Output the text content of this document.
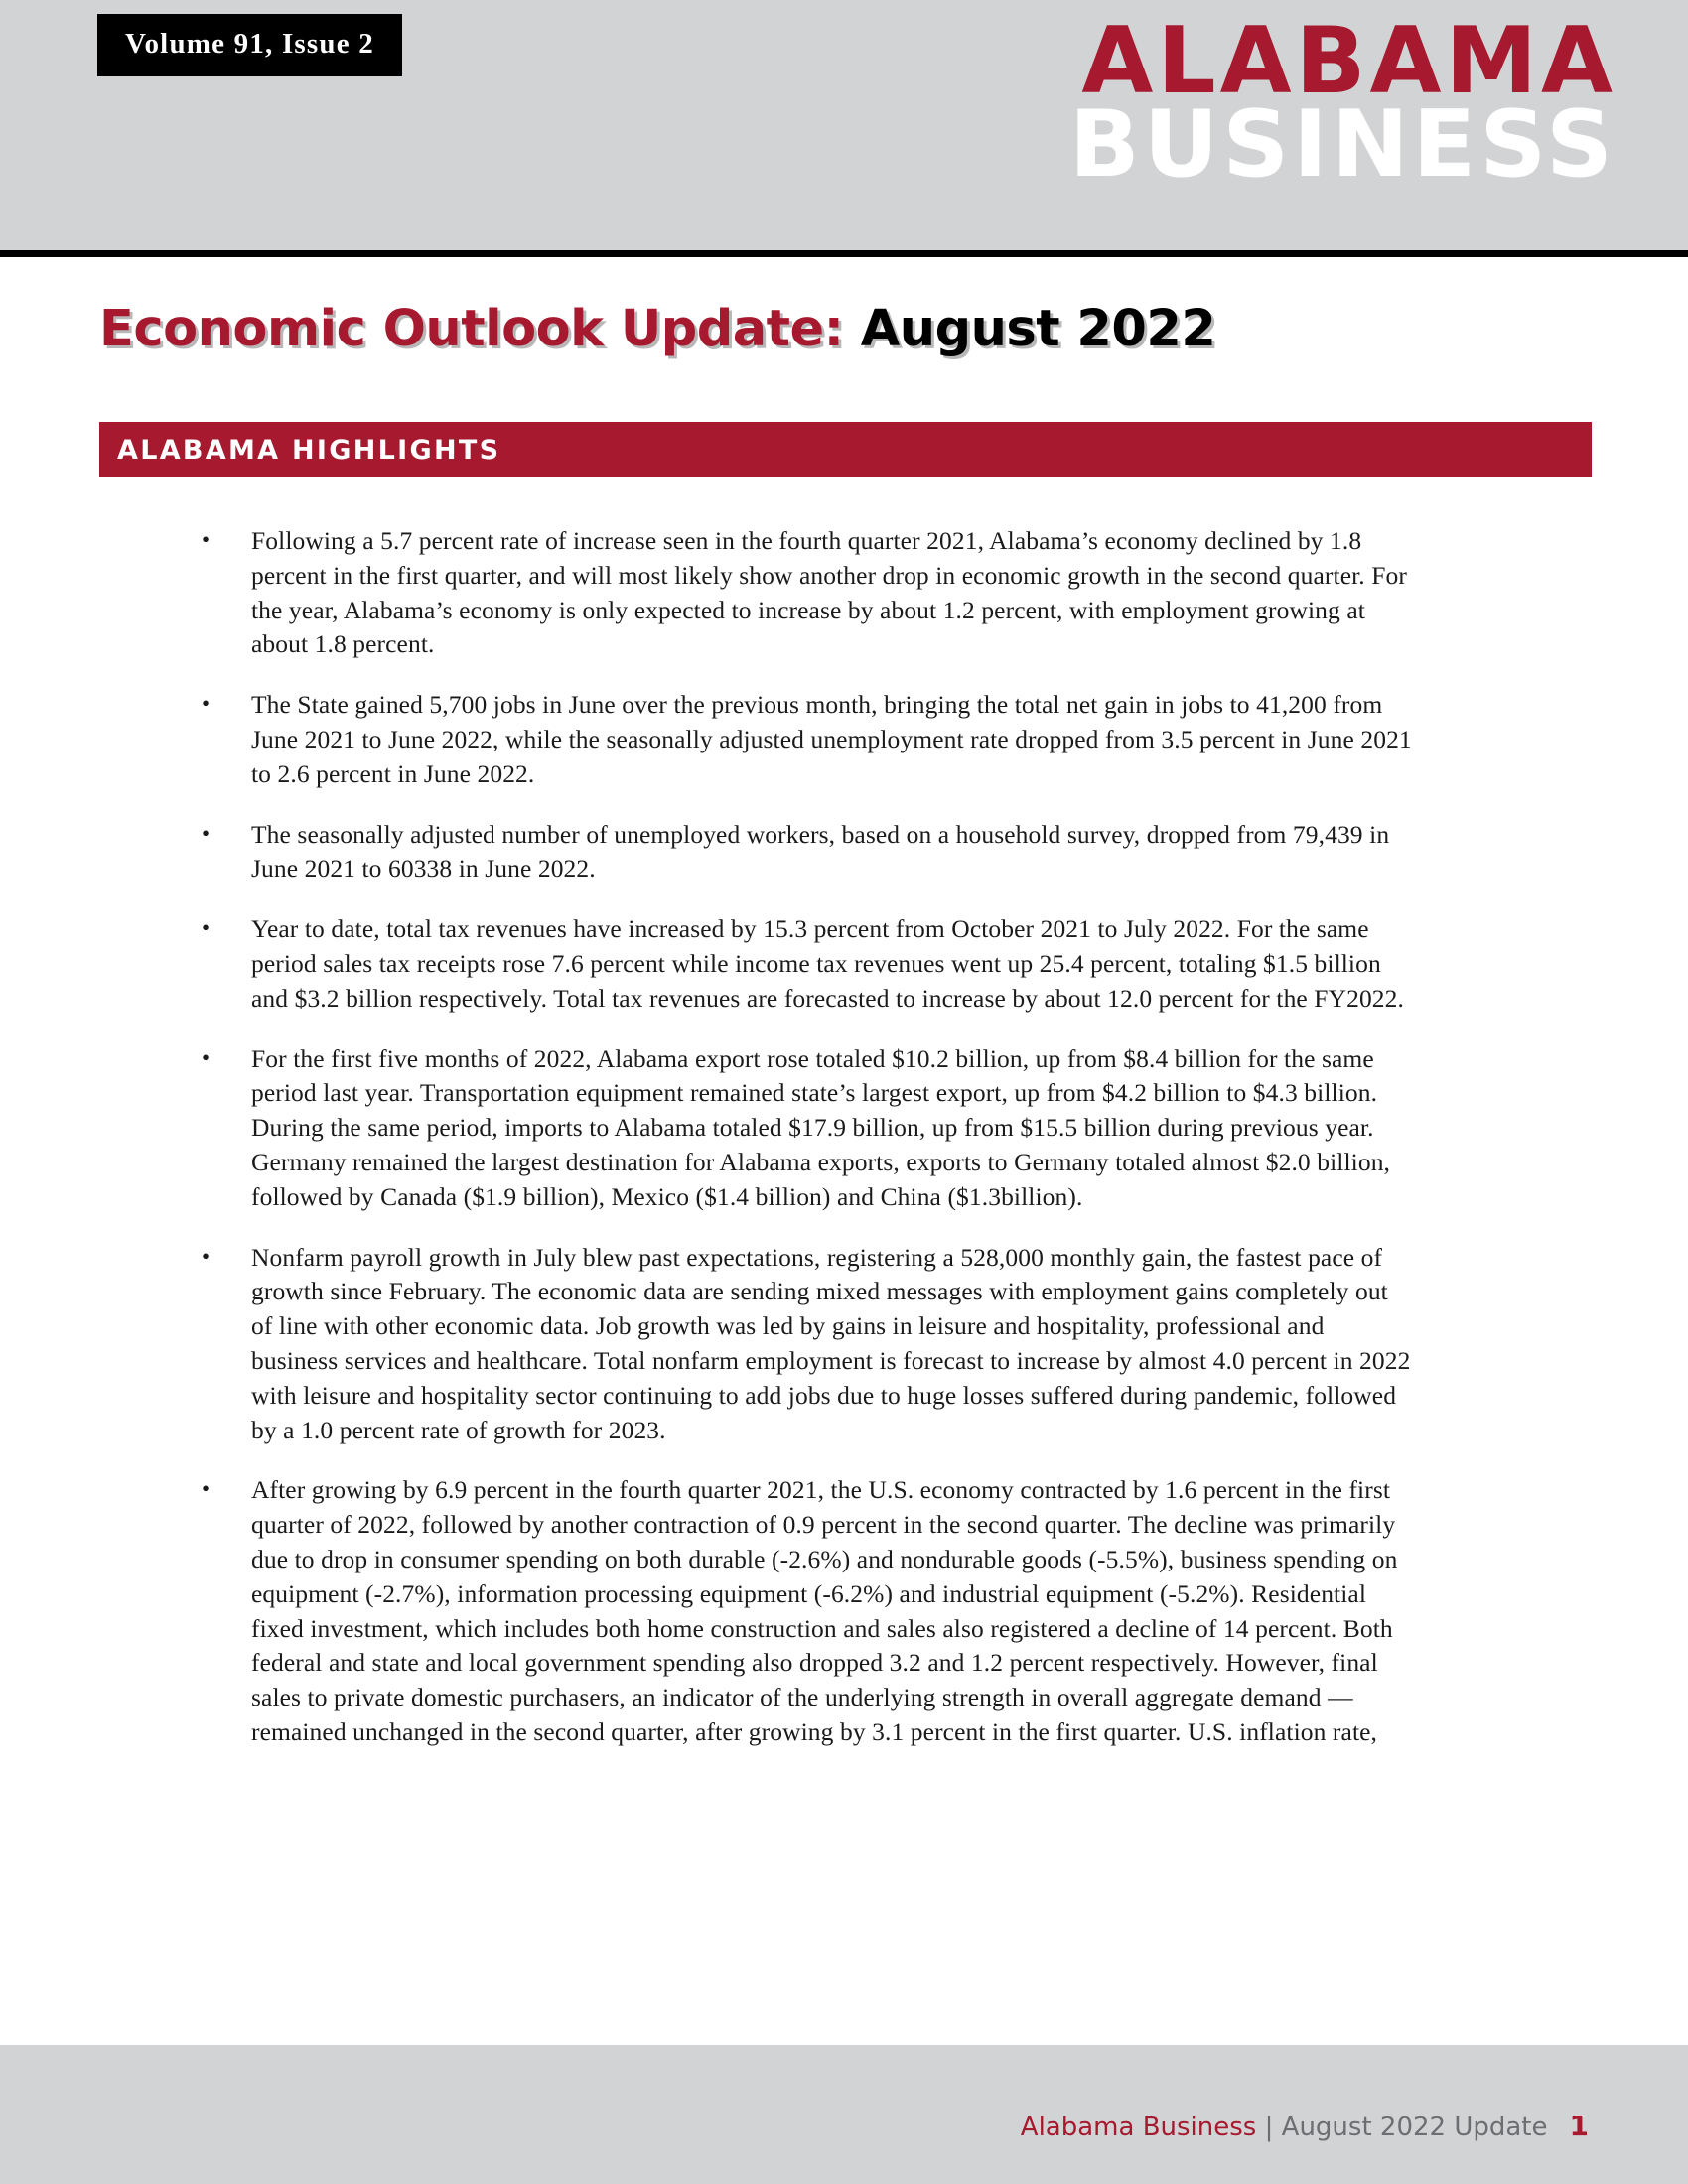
Volume 91, Issue 2	ALABAMA
BUSINESS
Economic Outlook Update: August 2022
ALABAMA HIGHLIGHTS
• Following a 5.7 percent rate of increase seen in the fourth quarter 2021, Alabama’s economy declined by 1.8 percent in the first quarter, and will most likely show another drop in economic growth in the second quarter. For the year, Alabama’s economy is only expected to increase by about 1.2 percent, with employment growing at about 1.8 percent.
• The State gained 5,700 jobs in June over the previous month, bringing the total net gain in jobs to 41,200 from June 2021 to June 2022, while the seasonally adjusted unemployment rate dropped from 3.5 percent in June 2021 to 2.6 percent in June 2022.
• The seasonally adjusted number of unemployed workers, based on a household survey, dropped from 79,439 in June 2021 to 60338 in June 2022.
• Year to date, total tax revenues have increased by 15.3 percent from October 2021 to July 2022. For the same period sales tax receipts rose 7.6 percent while income tax revenues went up 25.4 percent, totaling $1.5 billion and $3.2 billion respectively. Total tax revenues are forecasted to increase by about 12.0 percent for the FY2022.
• For the first five months of 2022, Alabama export rose totaled $10.2 billion, up from $8.4 billion for the same period last year. Transportation equipment remained state’s largest export, up from $4.2 billion to $4.3 billion. During the same period, imports to Alabama totaled $17.9 billion, up from $15.5 billion during previous year. Germany remained the largest destination for Alabama exports, exports to Germany totaled almost $2.0 billion, followed by Canada ($1.9 billion), Mexico ($1.4 billion) and China ($1.3billion).
• Nonfarm payroll growth in July blew past expectations, registering a 528,000 monthly gain, the fastest pace of growth since February. The economic data are sending mixed messages with employment gains completely out of line with other economic data. Job growth was led by gains in leisure and hospitality, professional and business services and healthcare. Total nonfarm employment is forecast to increase by almost 4.0 percent in 2022 with leisure and hospitality sector continuing to add jobs due to huge losses suffered during pandemic, followed by a 1.0 percent rate of growth for 2023.
• After growing by 6.9 percent in the fourth quarter 2021, the U.S. economy contracted by 1.6 percent in the first quarter of 2022, followed by another contraction of 0.9 percent in the second quarter. The decline was primarily due to drop in consumer spending on both durable (-2.6%) and nondurable goods (-5.5%), business spending on equipment (-2.7%), information processing equipment (-6.2%) and industrial equipment (-5.2%). Residential fixed investment, which includes both home construction and sales also registered a decline of 14 percent. Both federal and state and local government spending also dropped 3.2 and 1.2 percent respectively. However, final sales to private domestic purchasers, an indicator of the underlying strength in overall aggregate demand —remained unchanged in the second quarter, after growing by 3.1 percent in the first quarter. U.S. inflation rate,
Alabama Business | August 2022 Update 1
